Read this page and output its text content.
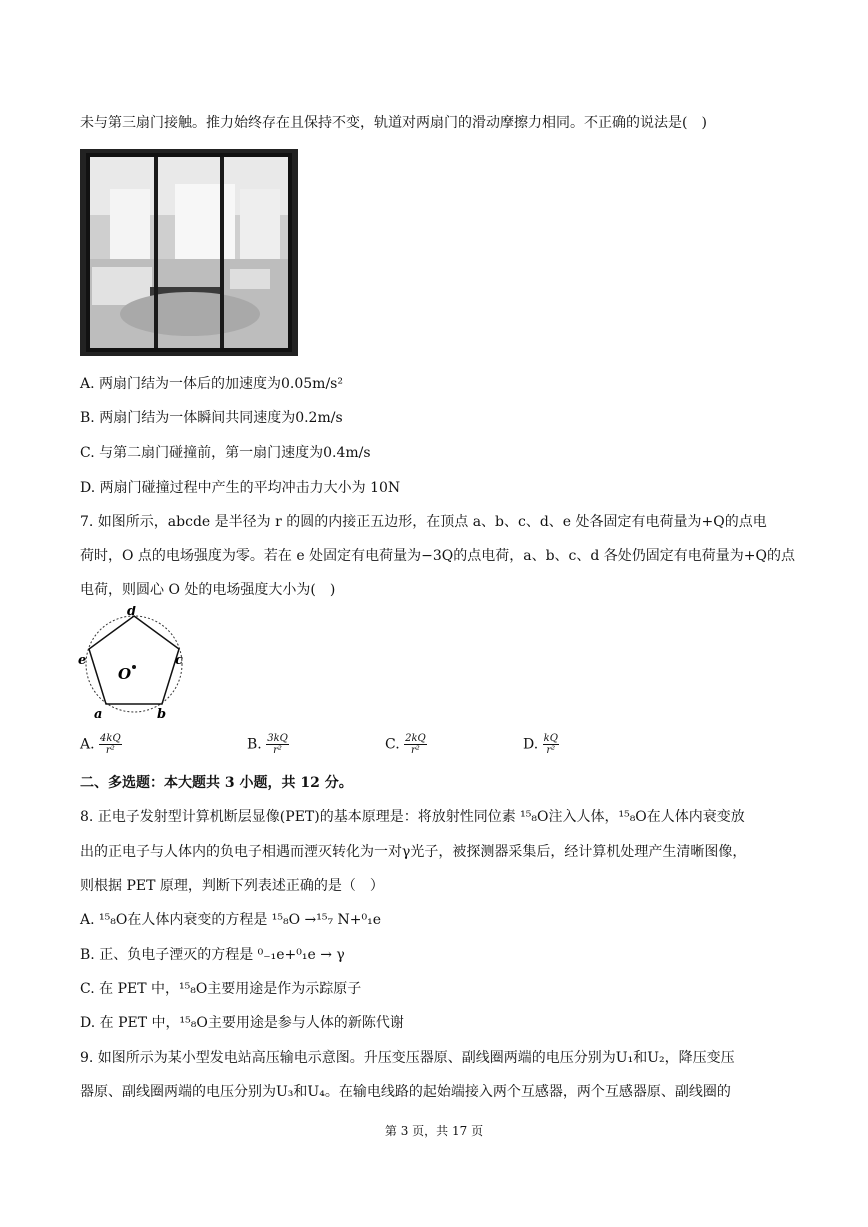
未与第三扇门接触。推力始终存在且保持不变，轨道对两扇门的滑动摩擦力相同。不正确的说法是(　)
A. 两扇门结为一体后的加速度为0.05m/s²
B. 两扇门结为一体瞬间共同速度为0.2m/s
C. 与第二扇门碰撞前，第一扇门速度为0.4m/s
D. 两扇门碰撞过程中产生的平均冲击力大小为 10N
7. 如图所示，abcde 是半径为 r 的圆的内接正五边形，在顶点 a、b、c、d、e 处各固定有电荷量为+Q的点电
荷时，O 点的电场强度为零。若在 e 处固定有电荷量为−3Q的点电荷，a、b、c、d 各处仍固定有电荷量为+Q的点
电荷，则圆心 O 处的电场强度大小为(　)
d
c
e
a	b
O
A. $\frac{4kQ}{\text{r²}}$	B. $\frac{3kQ}{\text{r²}}$	C. $\frac{2kQ}{\text{r²}}$	D. $\frac{kQ}{\text{r²}}$
二、多选题：本大题共 3 小题，共 12 分。
8. 正电子发射型计算机断层显像(PET)的基本原理是：将放射性同位素 ¹⁵₈O注入人体，¹⁵₈O在人体内衰变放
出的正电子与人体内的负电子相遇而湮灭转化为一对γ光子，被探测器采集后，经计算机处理产生清晰图像，
则根据 PET 原理，判断下列表述正确的是（　）
A. ¹⁵₈O在人体内衰变的方程是 ¹⁵₈O →¹⁵₇ N+⁰₁e
B. 正、负电子湮灭的方程是 ⁰₋₁e+⁰₁e → γ
C. 在 PET 中，¹⁵₈O主要用途是作为示踪原子
D. 在 PET 中，¹⁵₈O主要用途是参与人体的新陈代谢
9. 如图所示为某小型发电站高压输电示意图。升压变压器原、副线圈两端的电压分别为U₁和U₂，降压变压
器原、副线圈两端的电压分别为U₃和U₄。在输电线路的起始端接入两个互感器，两个互感器原、副线圈的
第 3 页，共 17 页
